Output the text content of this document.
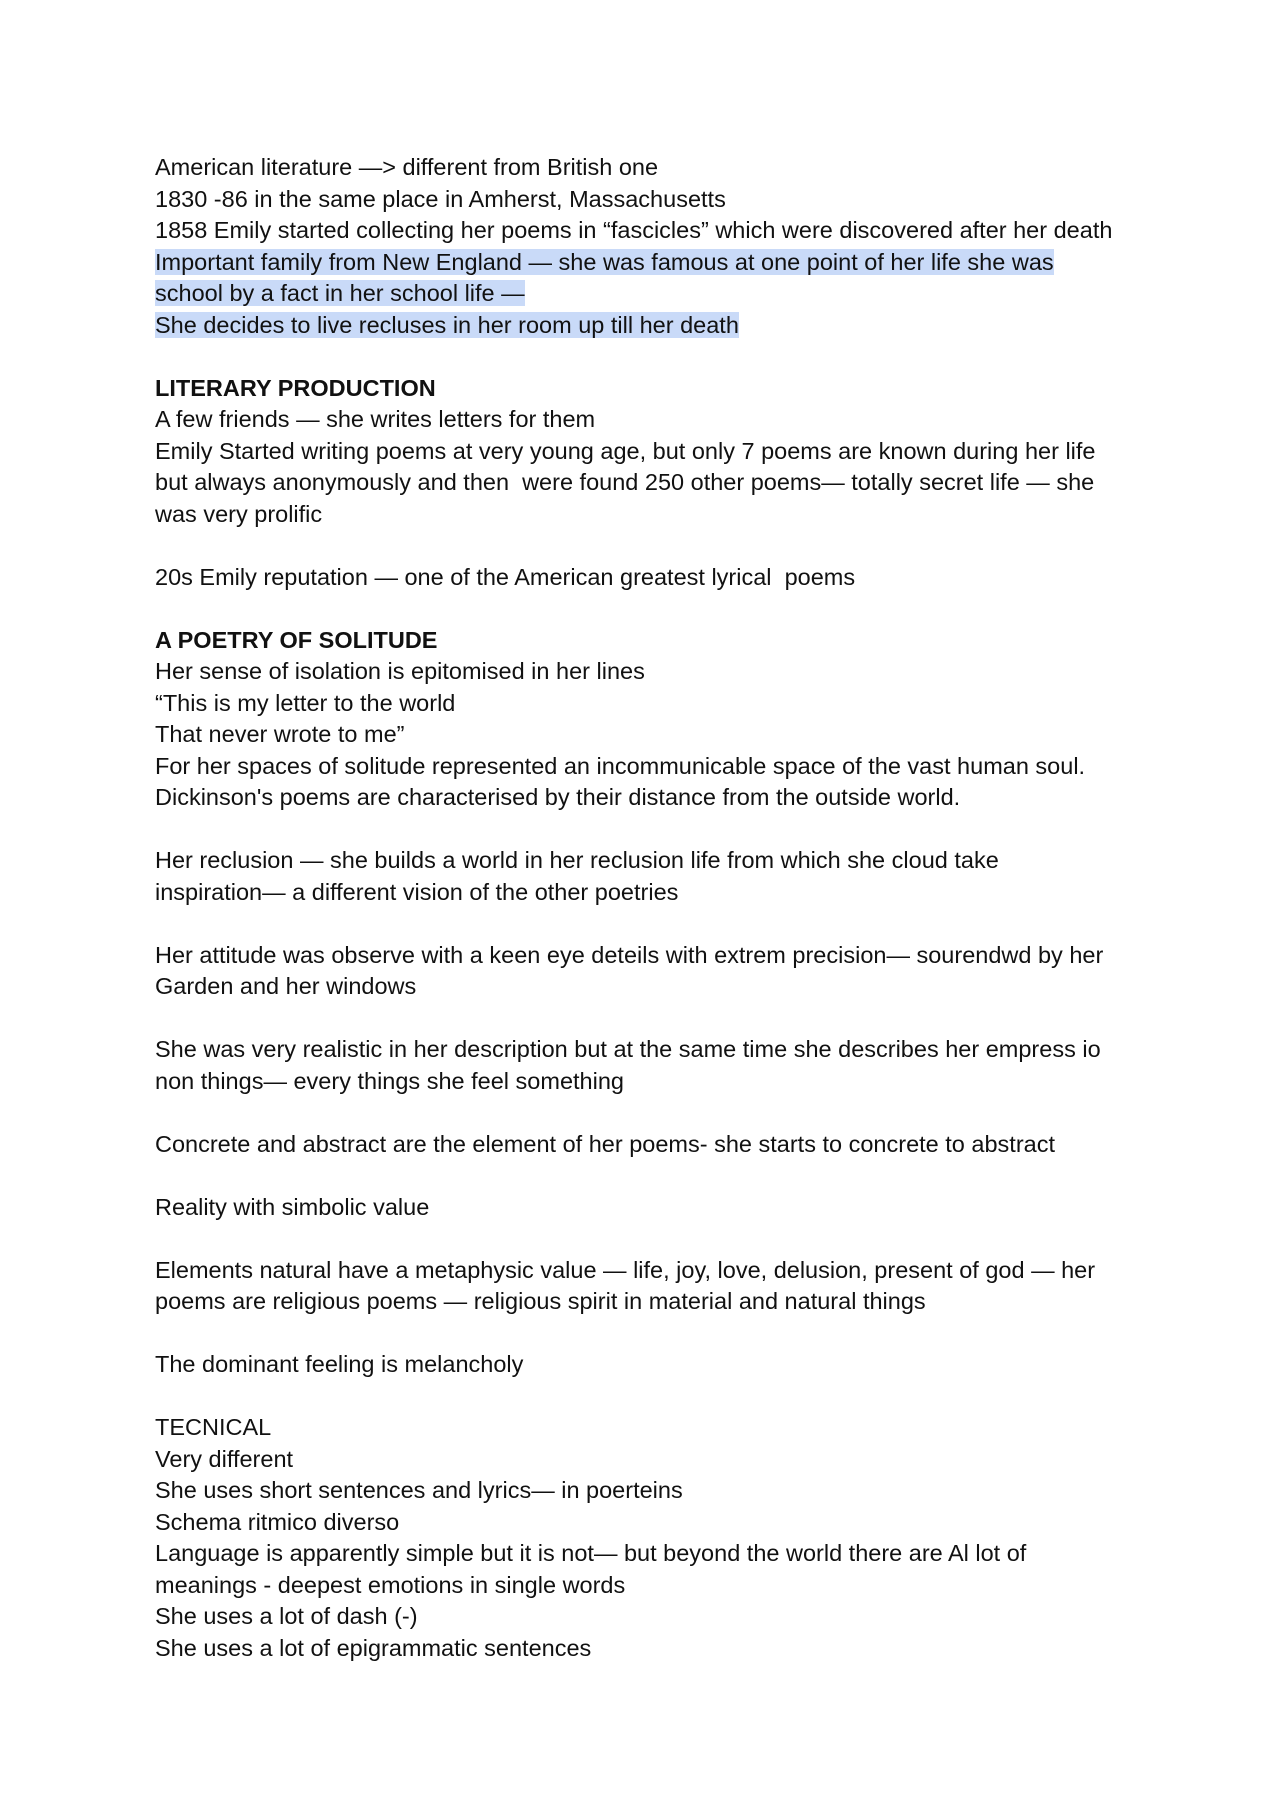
American literature —> different from British one
1830 -86 in the same place in Amherst, Massachusetts
1858 Emily started collecting her poems in “fascicles” which were discovered after her death
Important family from New England — she was famous at one point of her life she was
school by a fact in her school life —
She decides to live recluses in her room up till her death
LITERARY PRODUCTION
A few friends — she writes letters for them
Emily Started writing poems at very young age, but only 7 poems are known during her life
but always anonymously and then  were found 250 other poems— totally secret life — she
was very prolific
20s Emily reputation — one of the American greatest lyrical  poems
A POETRY OF SOLITUDE
Her sense of isolation is epitomised in her lines
“This is my letter to the world
That never wrote to me”
For her spaces of solitude represented an incommunicable space of the vast human soul.
Dickinson's poems are characterised by their distance from the outside world.
Her reclusion — she builds a world in her reclusion life from which she cloud take
inspiration— a different vision of the other poetries
Her attitude was observe with a keen eye deteils with extrem precision— sourendwd by her
Garden and her windows
She was very realistic in her description but at the same time she describes her empress io
non things— every things she feel something
Concrete and abstract are the element of her poems- she starts to concrete to abstract
Reality with simbolic value
Elements natural have a metaphysic value — life, joy, love, delusion, present of god — her
poems are religious poems — religious spirit in material and natural things
The dominant feeling is melancholy
TECNICAL
Very different
She uses short sentences and lyrics— in poerteins
Schema ritmico diverso
Language is apparently simple but it is not— but beyond the world there are Al lot of
meanings - deepest emotions in single words
She uses a lot of dash (-)
She uses a lot of epigrammatic sentences
